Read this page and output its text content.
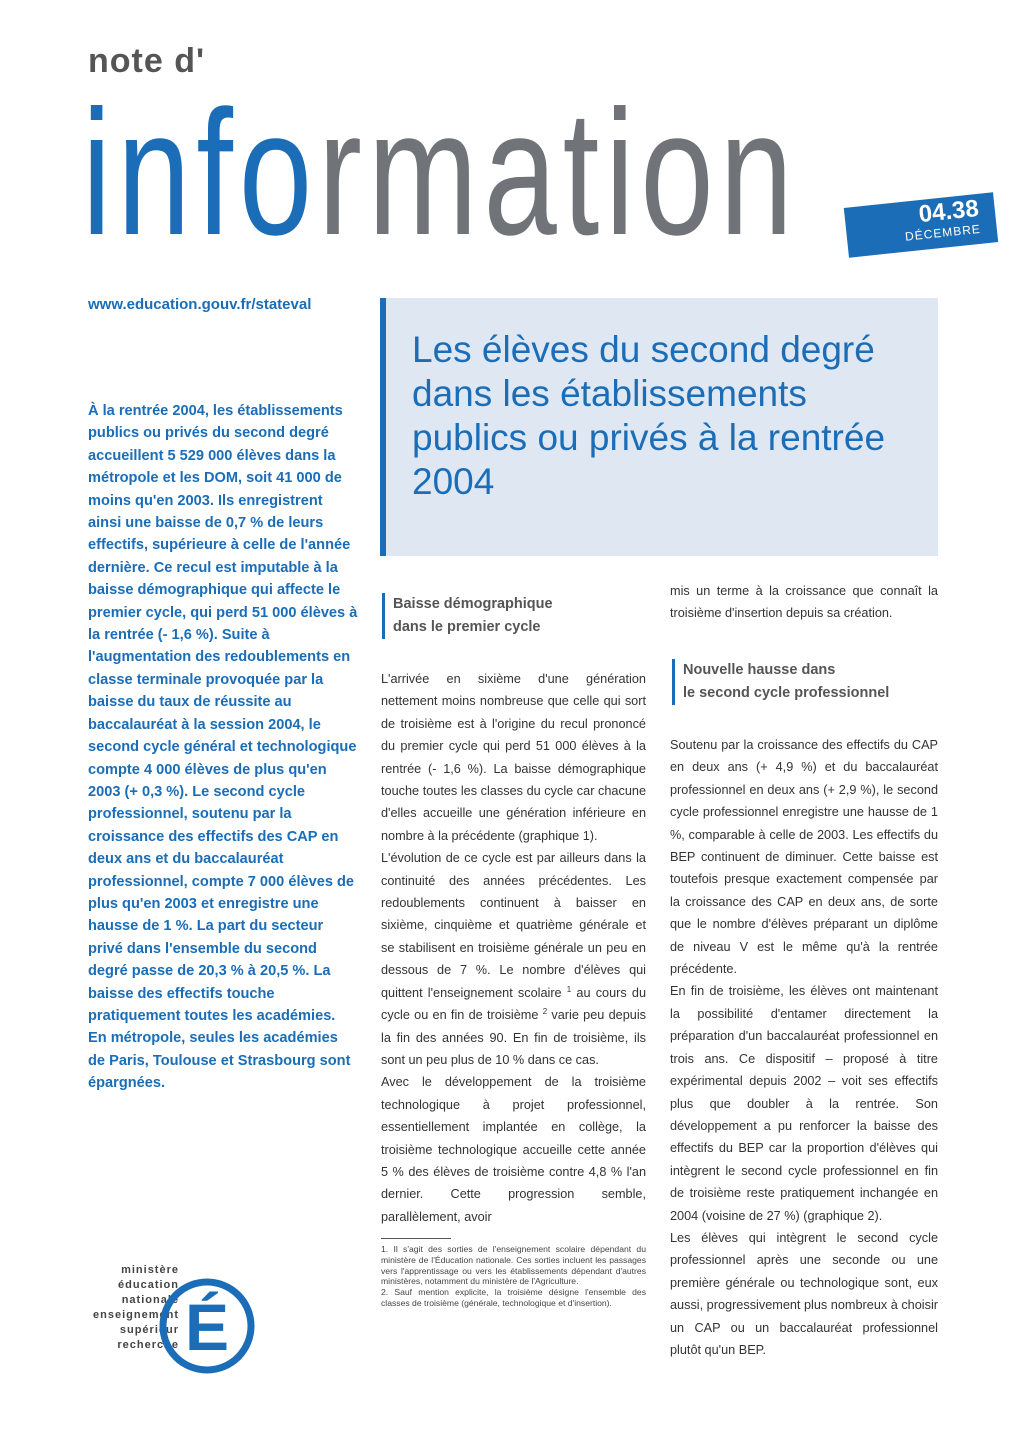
note d'
information	04.38
DÉCEMBRE
www.education.gouv.fr/stateval
Les élèves du second degré dans les établissements publics ou privés à la rentrée 2004
À la rentrée 2004, les établissements publics ou privés du second degré accueillent 5 529 000 élèves dans la métropole et les DOM, soit 41 000 de moins qu'en 2003. Ils enregistrent ainsi une baisse de 0,7 % de leurs effectifs, supérieure à celle de l'année dernière. Ce recul est imputable à la baisse démographique qui affecte le premier cycle, qui perd 51 000 élèves à la rentrée (- 1,6 %). Suite à l'augmentation des redoublements en classe terminale provoquée par la baisse du taux de réussite au baccalauréat à la session 2004, le second cycle général et technologique compte 4 000 élèves de plus qu'en 2003 (+ 0,3 %). Le second cycle professionnel, soutenu par la croissance des effectifs des CAP en deux ans et du baccalauréat professionnel, compte 7 000 élèves de plus qu'en 2003 et enregistre une hausse de 1 %. La part du secteur privé dans l'ensemble du second degré passe de 20,3 % à 20,5 %. La baisse des effectifs touche pratiquement toutes les académies. En métropole, seules les académies de Paris, Toulouse et Strasbourg sont épargnées.
Baisse démographique
dans le premier cycle

L'arrivée en sixième d'une génération nettement moins nombreuse que celle qui sort de troisième est à l'origine du recul prononcé du premier cycle qui perd 51 000 élèves à la rentrée (- 1,6 %). La baisse démographique touche toutes les classes du cycle car chacune d'elles accueille une génération inférieure en nombre à la précédente (graphique 1).

L'évolution de ce cycle est par ailleurs dans la continuité des années précédentes. Les redoublements continuent à baisser en sixième, cinquième et quatrième générale et se stabilisent en troisième générale un peu en dessous de 7 %. Le nombre d'élèves qui quittent l'enseignement scolaire $^1$ au cours du cycle ou en fin de troisième $^2$ varie peu depuis la fin des années 90. En fin de troisième, ils sont un peu plus de 10 % dans ce cas.

Avec le développement de la troisième technologique à projet professionnel, essentiellement implantée en collège, la troisième technologique accueille cette année 5 % des élèves de troisième contre 4,8 % l'an dernier. Cette progression semble, parallèlement, avoir

1. Il s'agit des sorties de l'enseignement scolaire dépendant du ministère de l'Éducation nationale. Ces sorties incluent les passages vers l'apprentissage ou vers les établissements dépendant d'autres ministères, notamment du ministère de l'Agriculture.

2. Sauf mention explicite, la troisième désigne l'ensemble des classes de troisième (générale, technologique et d'insertion).

mis un terme à la croissance que connaît la troisième d'insertion depuis sa création.

Nouvelle hausse dans
le second cycle professionnel

Soutenu par la croissance des effectifs du CAP en deux ans (+ 4,9 %) et du baccalauréat professionnel en deux ans (+ 2,9 %), le second cycle professionnel enregistre une hausse de 1 %, comparable à celle de 2003. Les effectifs du BEP continuent de diminuer. Cette baisse est toutefois presque exactement compensée par la croissance des CAP en deux ans, de sorte que le nombre d'élèves préparant un diplôme de niveau V est le même qu'à la rentrée précédente.

En fin de troisième, les élèves ont maintenant la possibilité d'entamer directement la préparation d'un baccalauréat professionnel en trois ans. Ce dispositif – proposé à titre expérimental depuis 2002 – voit ses effectifs plus que doubler à la rentrée. Son développement a pu renforcer la baisse des effectifs du BEP car la proportion d'élèves qui intègrent le second cycle professionnel en fin de troisième reste pratiquement inchangée en 2004 (voisine de 27 %) (graphique 2).

Les élèves qui intègrent le second cycle professionnel après une seconde ou une première générale ou technologique sont, eux aussi, progressivement plus nombreux à choisir un CAP ou un baccalauréat professionnel plutôt qu'un BEP.

ministère
éducation
nationale
enseignement
supérieur
recherche É
